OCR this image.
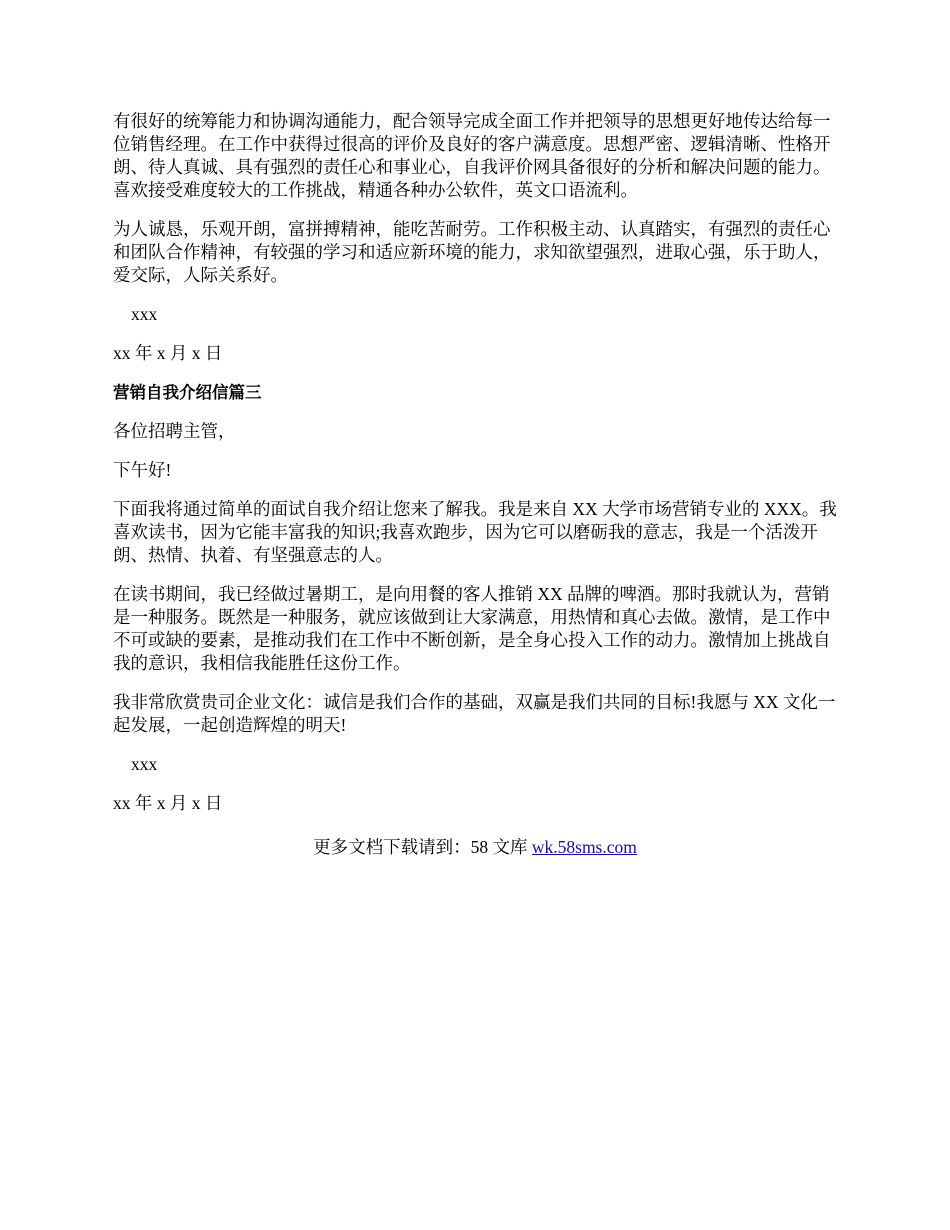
有很好的统筹能力和协调沟通能力，配合领导完成全面工作并把领导的思想更好地传达给每一位销售经理。在工作中获得过很高的评价及良好的客户满意度。思想严密、逻辑清晰、性格开朗、待人真诚、具有强烈的责任心和事业心，自我评价网具备很好的分析和解决问题的能力。喜欢接受难度较大的工作挑战，精通各种办公软件，英文口语流利。

为人诚恳，乐观开朗，富拼搏精神，能吃苦耐劳。工作积极主动、认真踏实，有强烈的责任心和团队合作精神，有较强的学习和适应新环境的能力，求知欲望强烈，进取心强，乐于助人，爱交际，人际关系好。

xxx

xx 年 x 月 x 日

营销自我介绍信篇三

各位招聘主管，

下午好!

下面我将通过简单的面试自我介绍让您来了解我。我是来自 XX 大学市场营销专业的 XXX。我喜欢读书，因为它能丰富我的知识;我喜欢跑步，因为它可以磨砺我的意志，我是一个活泼开朗、热情、执着、有坚强意志的人。

在读书期间，我已经做过暑期工，是向用餐的客人推销 XX 品牌的啤酒。那时我就认为，营销是一种服务。既然是一种服务，就应该做到让大家满意，用热情和真心去做。激情，是工作中不可或缺的要素，是推动我们在工作中不断创新，是全身心投入工作的动力。激情加上挑战自我的意识，我相信我能胜任这份工作。

我非常欣赏贵司企业文化：诚信是我们合作的基础，双赢是我们共同的目标!我愿与 XX 文化一起发展，一起创造辉煌的明天!

xxx

xx 年 x 月 x 日

更多文档下载请到：58 文库 wk.58sms.com
